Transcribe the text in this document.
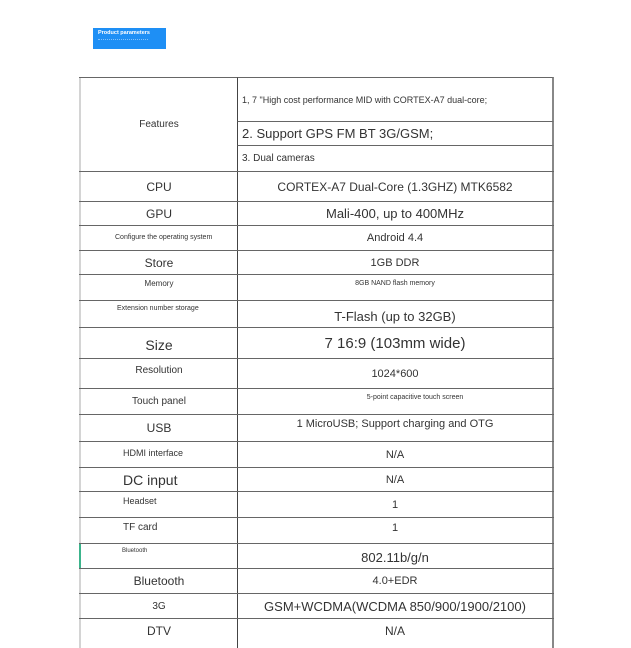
Product parameters
Features
1, 7 "High cost performance MID with CORTEX-A7 dual-core;
2. Support GPS FM BT 3G/GSM;
3. Dual cameras
CPU	CORTEX-A7 Dual-Core (1.3GHZ) MTK6582
GPU	Mali-400, up to 400MHz
Configure the operating system	Android 4.4
Store	1GB DDR
Memory	8GB NAND flash memory
Extension number storage	T-Flash (up to 32GB)
Size	7 16:9 (103mm wide)
Resolution	1024*600
Touch panel	5-point capacitive touch screen
USB	1 MicroUSB; Support charging and OTG
HDMI interface	N/A
DC input	N/A
Headset	1
TF card	1
Bluetooth	802.11b/g/n
Bluetooth	4.0+EDR
3G	GSM+WCDMA(WCDMA 850/900/1900/2100)
DTV	N/A
